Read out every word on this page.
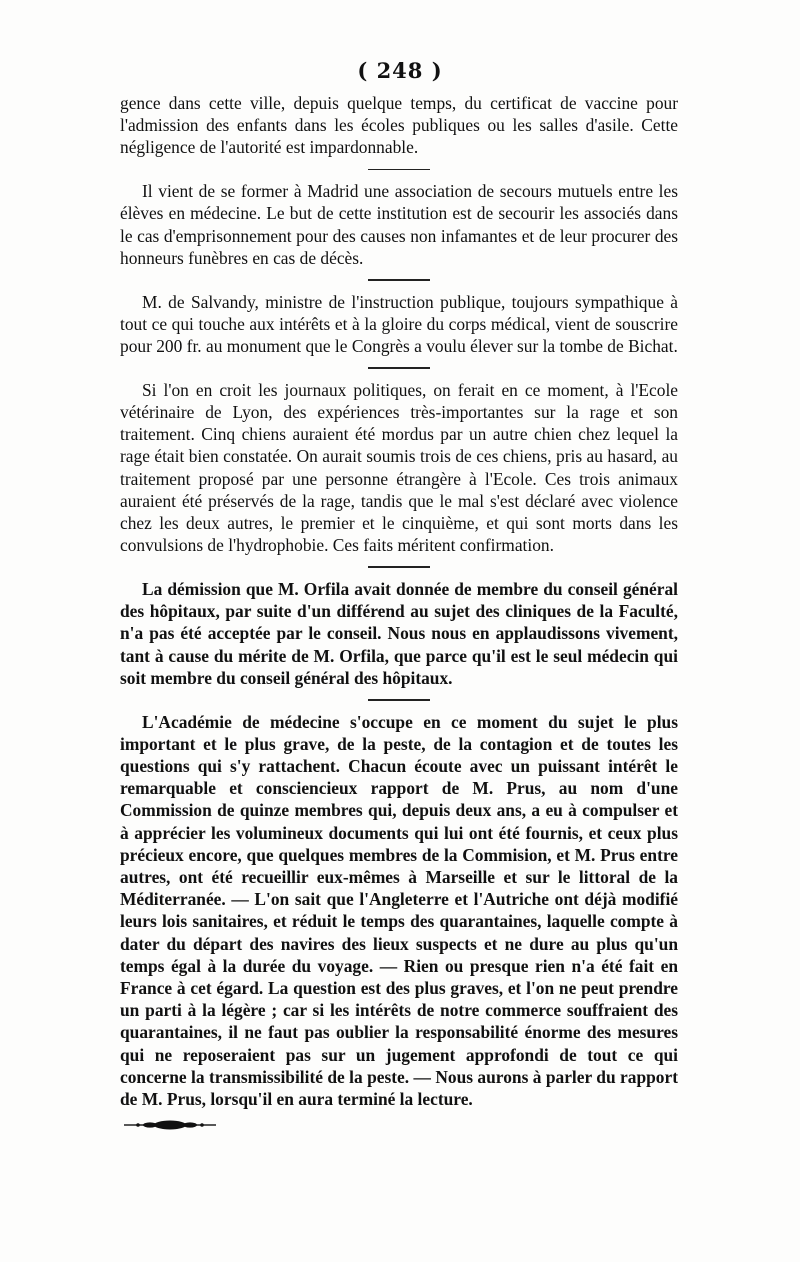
( 248 )

gence dans cette ville, depuis quelque temps, du certificat de vaccine pour l'admission des enfants dans les écoles publiques ou les salles d'asile. Cette négligence de l'autorité est impardonnable.

Il vient de se former à Madrid une association de secours mutuels entre les élèves en médecine. Le but de cette institution est de secourir les associés dans le cas d'emprisonnement pour des causes non infamantes et de leur procurer des honneurs funèbres en cas de décès.

M. de Salvandy, ministre de l'instruction publique, toujours sympathique à tout ce qui touche aux intérêts et à la gloire du corps médical, vient de souscrire pour 200 fr. au monument que le Congrès a voulu élever sur la tombe de Bichat.

Si l'on en croit les journaux politiques, on ferait en ce moment, à l'Ecole vétérinaire de Lyon, des expériences très-importantes sur la rage et son traitement. Cinq chiens auraient été mordus par un autre chien chez lequel la rage était bien constatée. On aurait soumis trois de ces chiens, pris au hasard, au traitement proposé par une personne étrangère à l'Ecole. Ces trois animaux auraient été préservés de la rage, tandis que le mal s'est déclaré avec violence chez les deux autres, le premier et le cinquième, et qui sont morts dans les convulsions de l'hydrophobie. Ces faits méritent confirmation.

La démission que M. Orfila avait donnée de membre du conseil général des hôpitaux, par suite d'un différend au sujet des cliniques de la Faculté, n'a pas été acceptée par le conseil. Nous nous en applaudissons vivement, tant à cause du mérite de M. Orfila, que parce qu'il est le seul médecin qui soit membre du conseil général des hôpitaux.

L'Académie de médecine s'occupe en ce moment du sujet le plus important et le plus grave, de la peste, de la contagion et de toutes les questions qui s'y rattachent. Chacun écoute avec un puissant intérêt le remarquable et consciencieux rapport de M. Prus, au nom d'une Commission de quinze membres qui, depuis deux ans, a eu à compulser et à apprécier les volumineux documents qui lui ont été fournis, et ceux plus précieux encore, que quelques membres de la Commision, et M. Prus entre autres, ont été recueillir eux-mêmes à Marseille et sur le littoral de la Méditerranée. — L'on sait que l'Angleterre et l'Autriche ont déjà modifié leurs lois sanitaires, et réduit le temps des quarantaines, laquelle compte à dater du départ des navires des lieux suspects et ne dure au plus qu'un temps égal à la durée du voyage. — Rien ou presque rien n'a été fait en France à cet égard. La question est des plus graves, et l'on ne peut prendre un parti à la légère ; car si les intérêts de notre commerce souffraient des quarantaines, il ne faut pas oublier la responsabilité énorme des mesures qui ne reposeraient pas sur un jugement approfondi de tout ce qui concerne la transmissibilité de la peste. — Nous aurons à parler du rapport de M. Prus, lorsqu'il en aura terminé la lecture.
